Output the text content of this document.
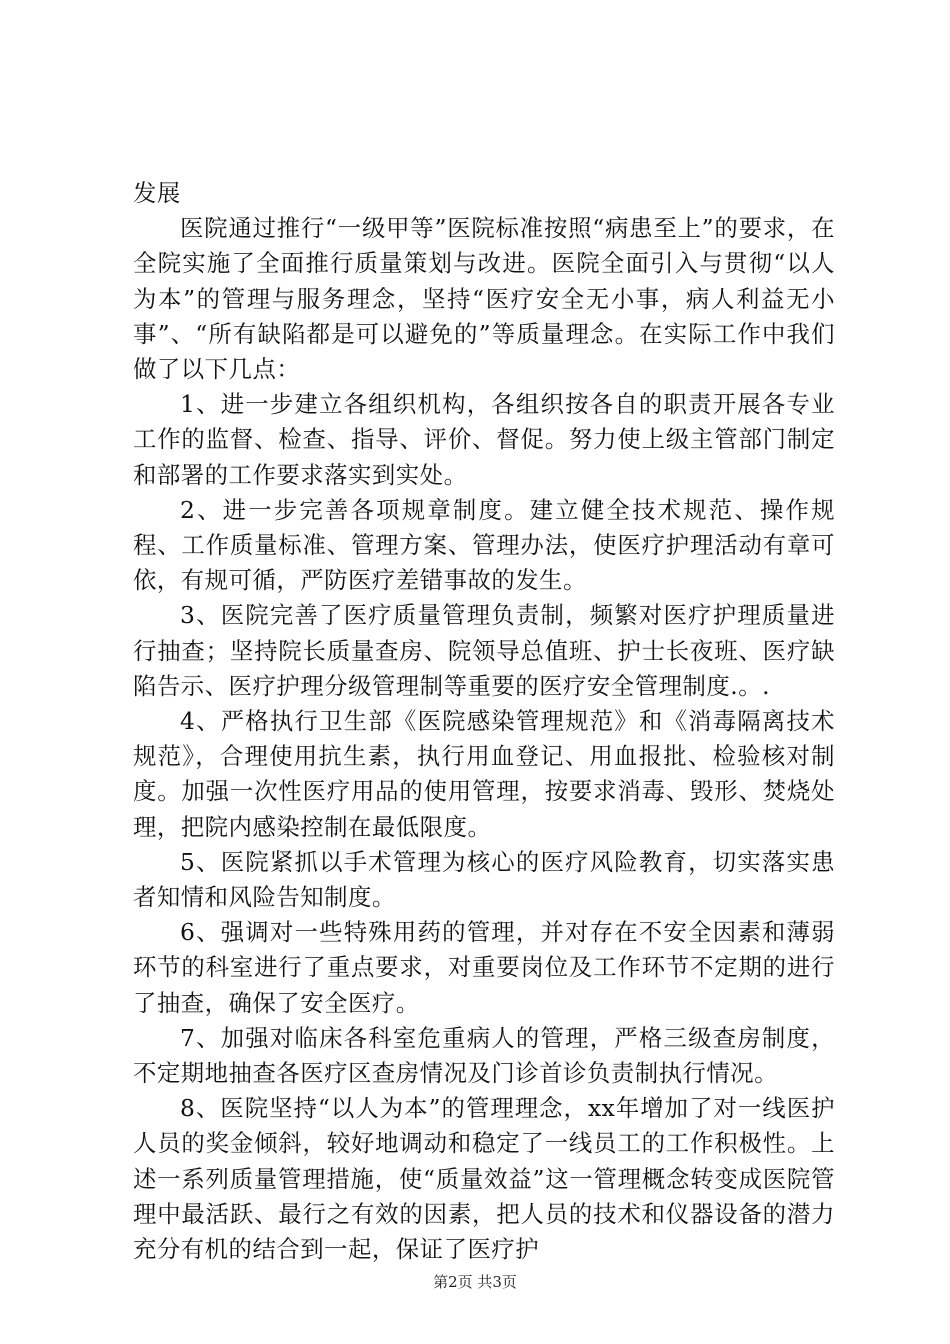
发展

医院通过推行“一级甲等”医院标准按照“病患至上”的要求，在全院实施了全面推行质量策划与改进。医院全面引入与贯彻“以人为本”的管理与服务理念，坚持“医疗安全无小事，病人利益无小事”、“所有缺陷都是可以避免的”等质量理念。在实际工作中我们做了以下几点：

1、进一步建立各组织机构，各组织按各自的职责开展各专业工作的监督、检查、指导、评价、督促。努力使上级主管部门制定和部署的工作要求落实到实处。

2、进一步完善各项规章制度。建立健全技术规范、操作规程、工作质量标准、管理方案、管理办法，使医疗护理活动有章可依，有规可循，严防医疗差错事故的发生。

3、医院完善了医疗质量管理负责制，频繁对医疗护理质量进行抽查；坚持院长质量查房、院领导总值班、护士长夜班、医疗缺陷告示、医疗护理分级管理制等重要的医疗安全管理制度.。.

4、严格执行卫生部《医院感染管理规范》和《消毒隔离技术规范》，合理使用抗生素，执行用血登记、用血报批、检验核对制度。加强一次性医疗用品的使用管理，按要求消毒、毁形、焚烧处理，把院内感染控制在最低限度。

5、医院紧抓以手术管理为核心的医疗风险教育，切实落实患者知情和风险告知制度。

6、强调对一些特殊用药的管理，并对存在不安全因素和薄弱环节的科室进行了重点要求，对重要岗位及工作环节不定期的进行了抽查，确保了安全医疗。

7、加强对临床各科室危重病人的管理，严格三级查房制度，不定期地抽查各医疗区查房情况及门诊首诊负责制执行情况。

8、医院坚持“以人为本”的管理理念，xx年增加了对一线医护人员的奖金倾斜，较好地调动和稳定了一线员工的工作积极性。上述一系列质量管理措施，使“质量效益”这一管理概念转变成医院管理中最活跃、最行之有效的因素，把人员的技术和仪器设备的潜力充分有机的结合到一起，保证了医疗护

第2页 共3页
